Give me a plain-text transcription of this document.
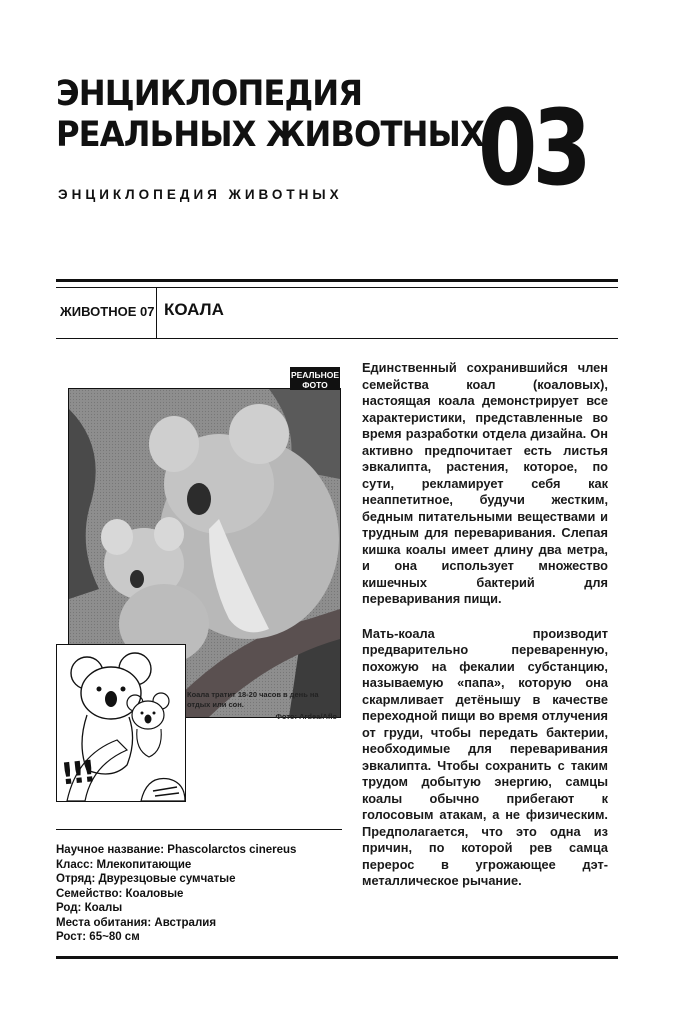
ЭНЦИКЛОПЕДИЯ
РЕАЛЬНЫХ ЖИВОТНЫХ
03
ЭНЦИКЛОПЕДИЯ ЖИВОТНЫХ
ЖИВОТНОЕ 07 КОАЛА
РЕАЛЬНОЕ
ФОТО
!!!
Коала тратит 18-20 часов в день на отдых или сон.
Фото: Ardea/Aflo

Единственный сохранившийся член семейства коал (коаловых), настоящая коала демонстрирует все характеристики, представленные во время разработки отдела дизайна. Он активно предпочитает есть листья эвкалипта, растения, которое, по сути, рекламирует себя как неаппетитное, будучи жестким, бедным питательными веществами и трудным для переваривания. Слепая кишка коалы имеет длину два метра, и она использует множество кишечных бактерий для переваривания пищи.

Мать-коала производит предварительно переваренную, похожую на фекалии субстанцию, называемую «папа», которую она скармливает детёнышу в качестве переходной пищи во время отлучения от груди, чтобы передать бактерии, необходимые для переваривания эвкалипта. Чтобы сохранить с таким трудом добытую энергию, самцы коалы обычно прибегают к голосовым атакам, а не физическим. Предполагается, что это одна из причин, по которой рев самца перерос в угрожающее дэт-металлическое рычание.

Научное название: Phascolarctos cinereus
Класс: Млекопитающие
Отряд: Двурезцовые сумчатые
Семейство: Коаловые
Род: Коалы
Места обитания: Австралия
Рост: 65~80 см
